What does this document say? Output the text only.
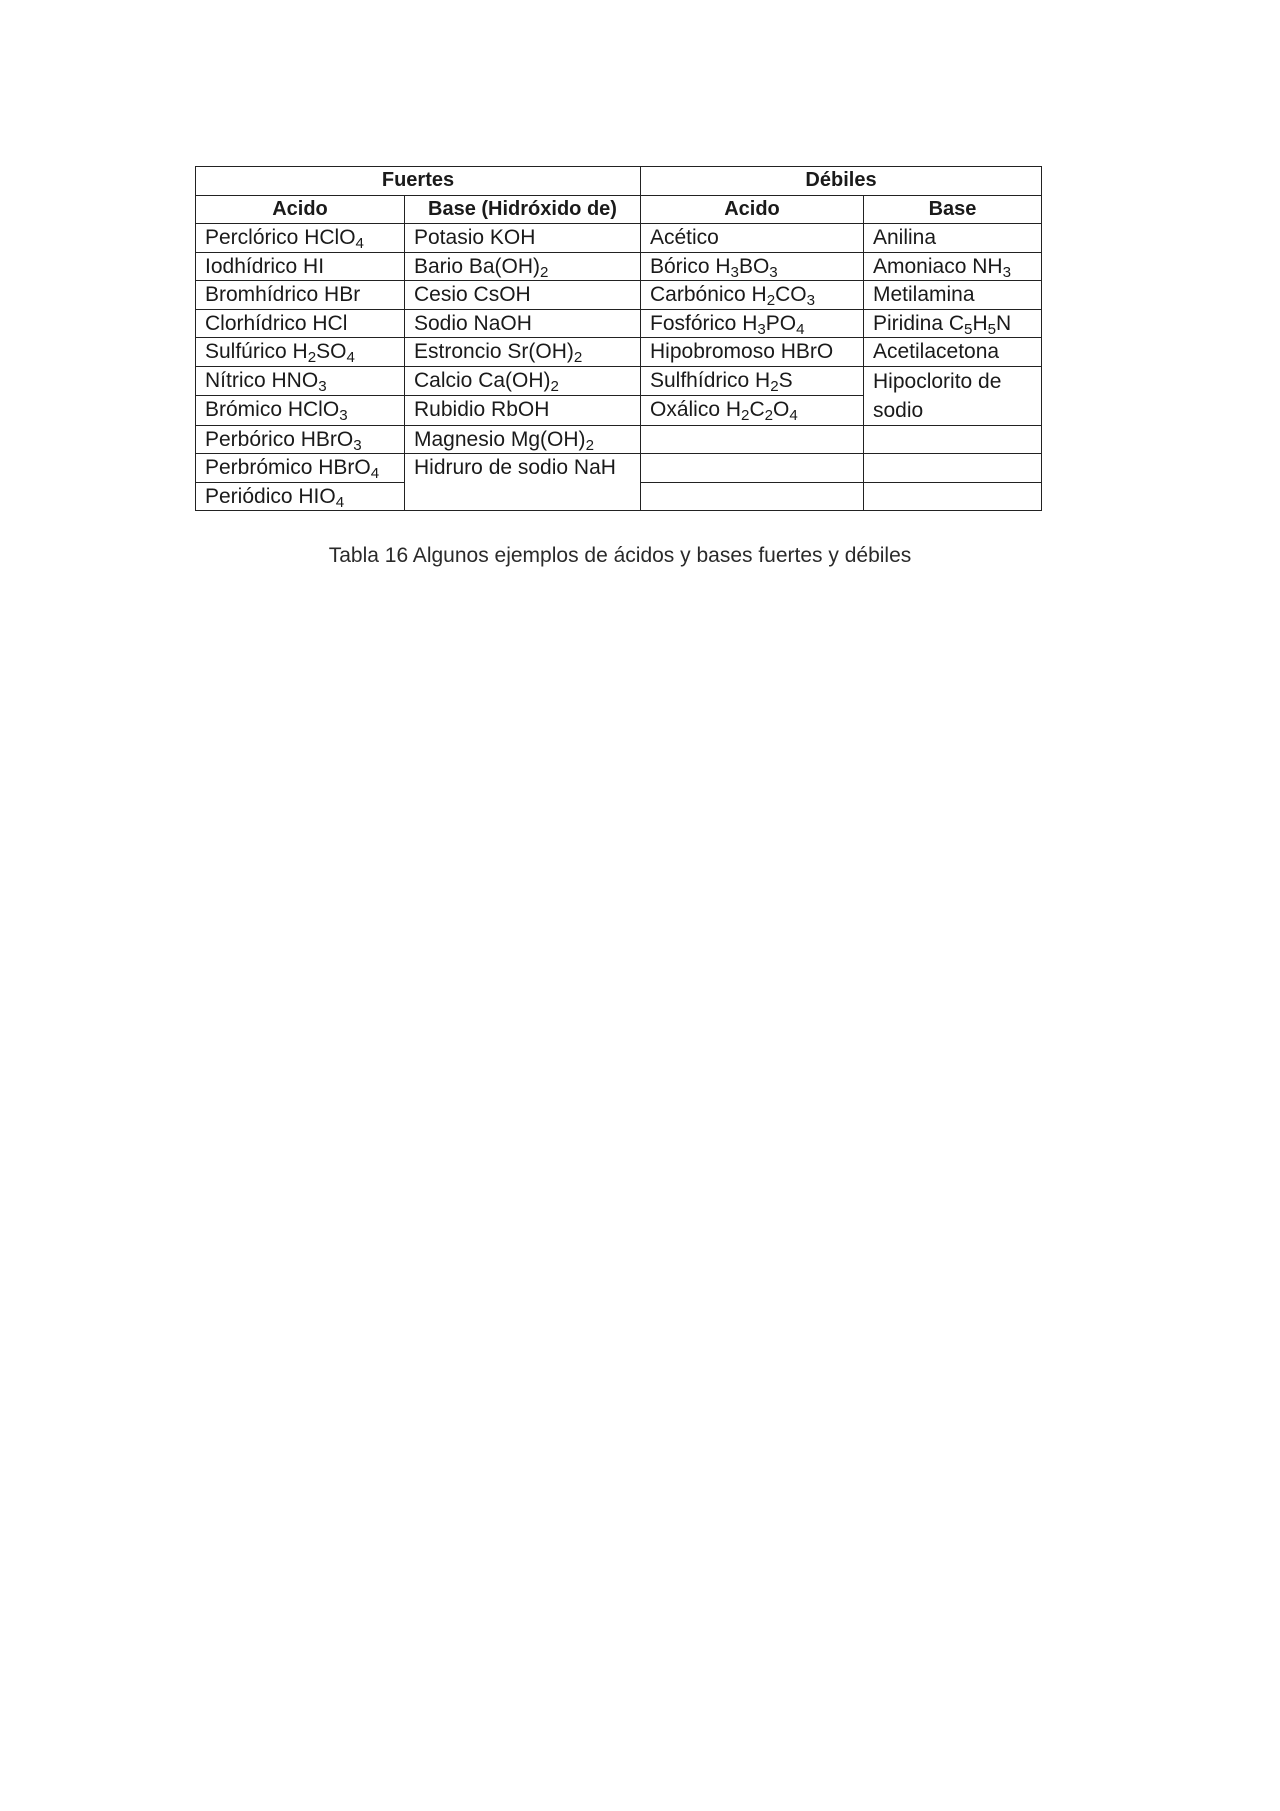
Fuertes		Débiles	
Acido	Base (Hidróxido de)	Acido	Base
Perclórico HClO$_4$	Potasio KOH	Acético	Anilina
Iodhídrico HI	Bario $Ba(OH)_2$	Bórico $H_3BO_3$	Amoniaco $NH_3$
Bromhídrico HBr	Cesio CsOH	Carbónico $H_2CO_3$	Metilamina
Clorhídrico HCl	Sodio NaOH	Fosfórico $H_3PO_4$	Piridina $C_5H_5N$
Sulfúrico $H_2SO_4$	Estroncio $Sr(OH)_2$	Hipobromoso HBrO	Acetilacetona
Nítrico $HNO_3$	Calcio $Ca(OH)_2$	Sulfhídrico $H_2S$	Hipoclorito de sodio
Brómico HClO$_3$	Rubidio RbOH	Oxálico $H_2C_2O_4$
Perbórico HBrO$_3$	Magnesio $Mg(OH)_2$		
Perbrómico HBrO$_4$	Hidruro de sodio NaH		
Periódico $HIO_4$			
Tabla 16 Algunos ejemplos de ácidos y bases fuertes y débiles
